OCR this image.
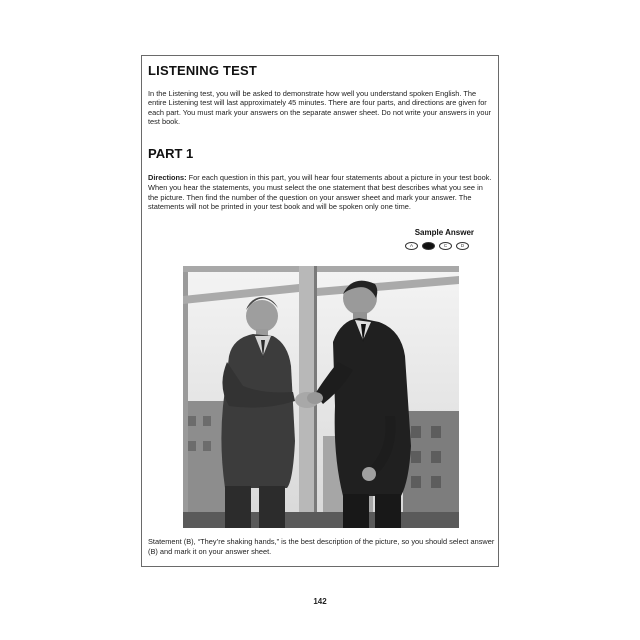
LISTENING TEST

In the Listening test, you will be asked to demonstrate how well you understand spoken English. The entire Listening test will last approximately 45 minutes. There are four parts, and directions are given for each part. You must mark your answers on the separate answer sheet. Do not write your answers in your test book.

PART 1

Directions: For each question in this part, you will hear four statements about a picture in your test book. When you hear the statements, you must select the one statement that best describes what you see in the picture. Then find the number of the question on your answer sheet and mark your answer. The statements will not be printed in your test book and will be spoken only one time.

Sample Answer
A	B	C	D

Statement (B), “They’re shaking hands,” is the best description of the picture, so you should select answer (B) and mark it on your answer sheet.

142
